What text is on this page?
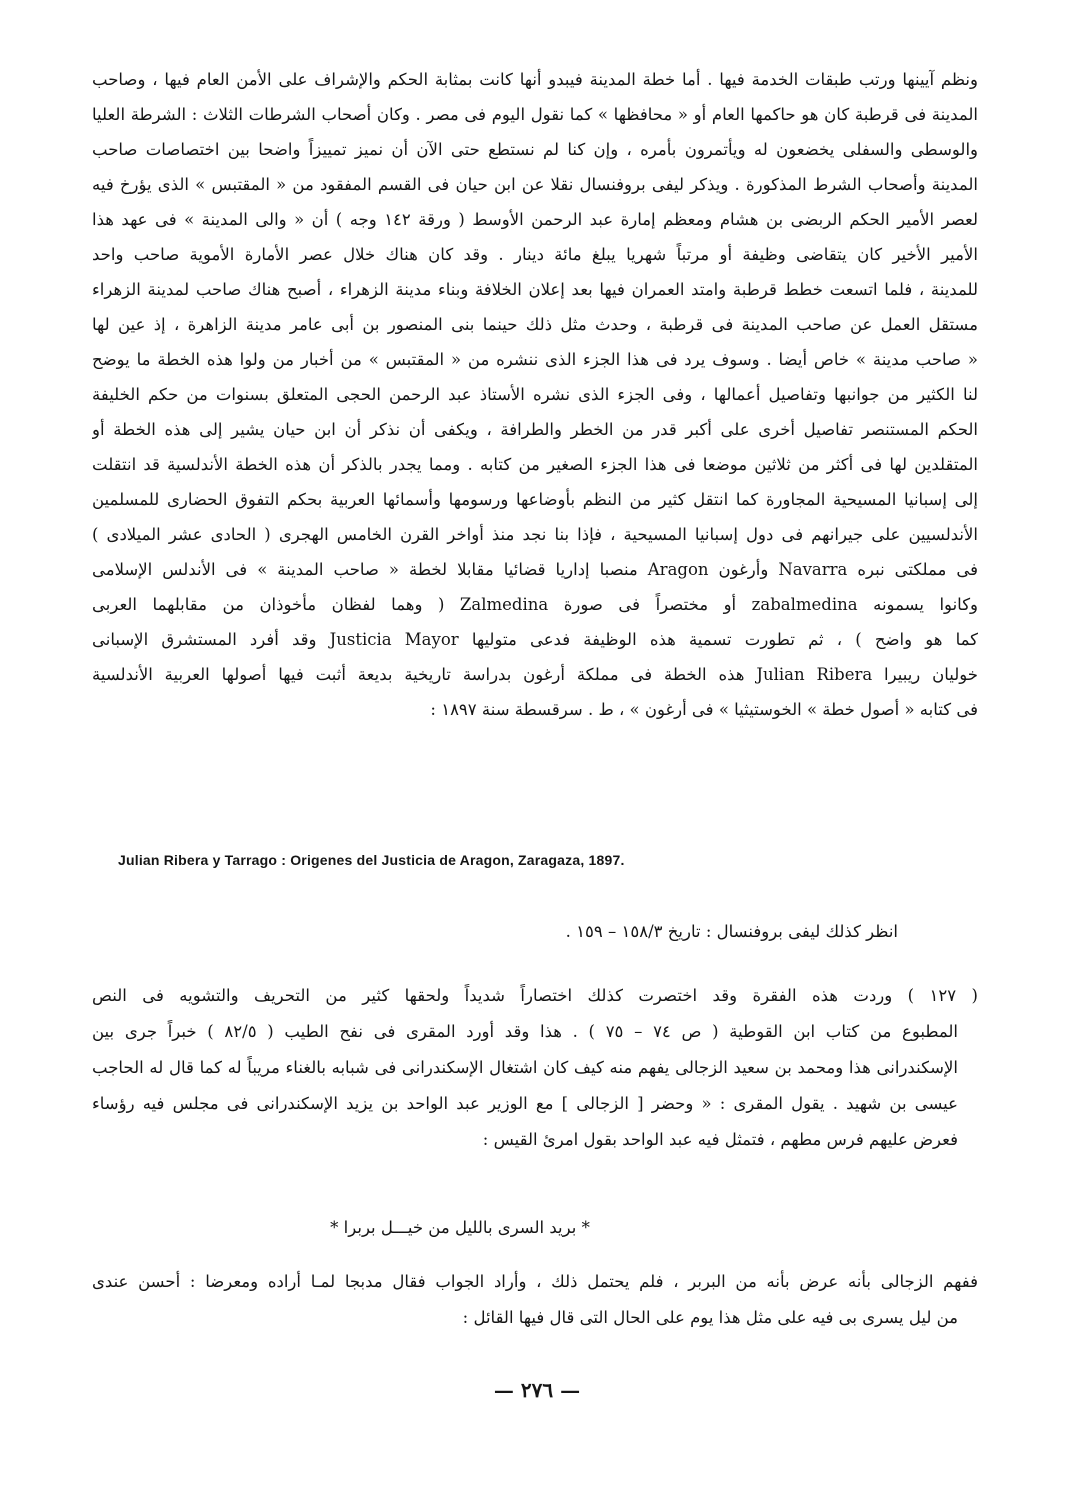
ونظم آيينها ورتب طبقات الخدمة فيها . أما خطة المدينة فيبدو أنها كانت بمثابة الحكم والإشراف على الأمن العام فيها ، وصاحب
المدينة فى قرطبة كان هو حاكمها العام أو « محافظها » كما نقول اليوم فى مصر . وكان أصحاب الشرطات الثلاث : الشرطة العليا
والوسطى والسفلى يخضعون له ويأتمرون بأمره ، وإن كنا لم نستطع حتى الآن أن نميز تمييزاً واضحا بين اختصاصات صاحب
المدينة وأصحاب الشرط المذكورة . ويذكر ليفى بروفنسال نقلا عن ابن حيان فى القسم المفقود من « المقتبس » الذى يؤرخ فيه
لعصر الأمير الحكم الربضى بن هشام ومعظم إمارة عبد الرحمن الأوسط ( ورقة ١٤٢ وجه ) أن « والى المدينة » فى عهد هذا
الأمير الأخير كان يتقاضى وظيفة أو مرتباً شهريا يبلغ مائة دينار . وقد كان هناك خلال عصر الأمارة الأموية صاحب واحد
للمدينة ، فلما اتسعت خطط قرطبة وامتد العمران فيها بعد إعلان الخلافة وبناء مدينة الزهراء ، أصبح هناك صاحب لمدينة الزهراء
مستقل العمل عن صاحب المدينة فى قرطبة ، وحدث مثل ذلك حينما بنى المنصور بن أبى عامر مدينة الزاهرة ، إذ عين لها
« صاحب مدينة » خاص أيضا . وسوف يرد فى هذا الجزء الذى ننشره من « المقتبس » من أخبار من ولوا هذه الخطة ما يوضح
لنا الكثير من جوانبها وتفاصيل أعمالها ، وفى الجزء الذى نشره الأستاذ عبد الرحمن الحجى المتعلق بسنوات من حكم الخليفة
الحكم المستنصر تفاصيل أخرى على أكبر قدر من الخطر والطرافة ، ويكفى أن نذكر أن ابن حيان يشير إلى هذه الخطة أو
المتقلدين لها فى أكثر من ثلاثين موضعا فى هذا الجزء الصغير من كتابه . ومما يجدر بالذكر أن هذه الخطة الأندلسية قد انتقلت
إلى إسبانيا المسيحية المجاورة كما انتقل كثير من النظم بأوضاعها ورسومها وأسمائها العربية بحكم التفوق الحضارى للمسلمين
الأندلسيين على جيرانهم فى دول إسبانيا المسيحية ، فإذا بنا نجد منذ أواخر القرن الخامس الهجرى ( الحادى عشر الميلادى )
فى مملكتى نبره Navarra وأرغون Aragon منصبا إداريا قضائيا مقابلا لخطة « صاحب المدينة » فى الأندلس الإسلامى
وكانوا يسمونه zabalmedina أو مختصراً فى صورة Zalmedina ( وهما لفظان مأخوذان من مقابلهما العربى
كما هو واضح ) ، ثم تطورت تسمية هذه الوظيفة فدعى متوليها Justicia Mayor وقد أفرد المستشرق الإسبانى
خوليان ريبيرا Julian Ribera هذه الخطة فى مملكة أرغون بدراسة تاريخية بديعة أثبت فيها أصولها العربية الأندلسية
فى كتابه « أصول خطة » الخوستيثيا » فى أرغون » ، ط . سرقسطة سنة ١٨٩٧ :
Julian Ribera y Tarrago : Origenes del Justicia de Aragon, Zaragaza, 1897.
انظر كذلك ليفى بروفنسال : تاريخ ١٥٨/٣ – ١٥٩ .
( ١٢٧ ) وردت هذه الفقرة وقد اختصرت كذلك اختصاراً شديداً ولحقها كثير من التحريف والتشويه فى النص
المطبوع من كتاب ابن القوطية ( ص ٧٤ – ٧٥ ) . هذا وقد أورد المقرى فى نفح الطيب ( ٨٢/٥ ) خبراً جرى بين
الإسكندرانى هذا ومحمد بن سعيد الزجالى يفهم منه كيف كان اشتغال الإسكندرانى فى شبابه بالغناء مريباً له كما قال له الحاجب
عيسى بن شهيد . يقول المقرى : « وحضر [ الزجالى ] مع الوزير عبد الواحد بن يزيد الإسكندرانى فى مجلس فيه رؤساء
فعرض عليهم فرس مطهم ، فتمثل فيه عبد الواحد بقول امرئ القيس :
* بريد السرى بالليل من خيـــل بربرا *
ففهم الزجالى بأنه عرض بأنه من البربر ، فلم يحتمل ذلك ، وأراد الجواب فقال مدبجا لمـا أراده ومعرضا : أحسن عندى
من ليل يسرى بى فيه على مثل هذا يوم على الحال التى قال فيها القائل :
— ٢٧٦ —
